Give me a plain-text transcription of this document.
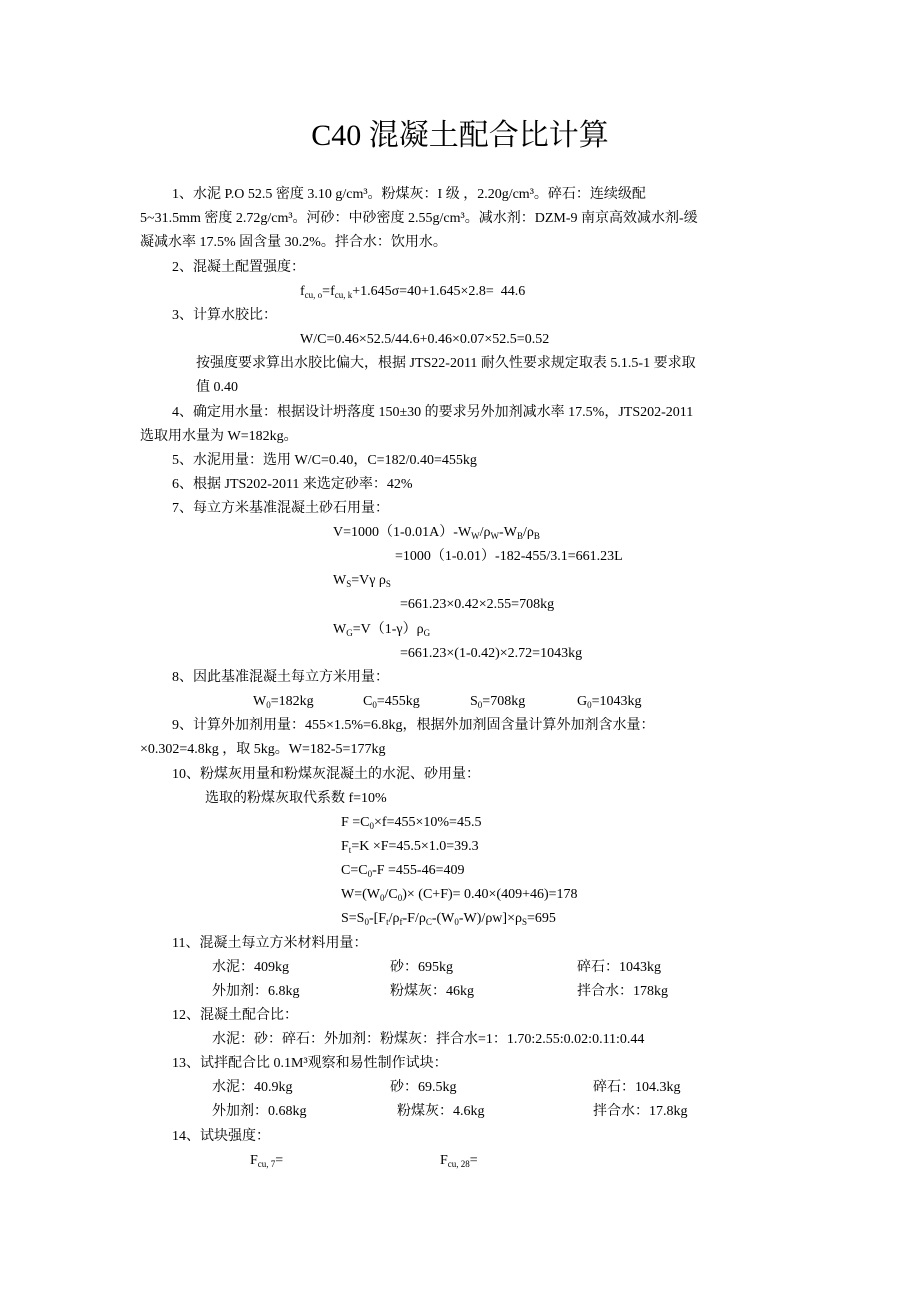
C40 混凝土配合比计算
1、水泥 P.O 52.5 密度 3.10 g/cm³。粉煤灰：I 级 ，2.20g/cm³。碎石：连续级配
5~31.5mm 密度 2.72g/cm³。河砂：中砂密度 2.55g/cm³。减水剂：DZM-9 南京高效减水剂-缓
凝减水率 17.5% 固含量 30.2%。拌合水：饮用水。
2、混凝土配置强度：
$f_{cu, o}=f_{cu, k}+1.645\sigma=40+1.645\times 2.8= 44.6$
3、计算水胶比：
W/C=0.46×52.5/44.6+0.46×0.07×52.5=0.52
按强度要求算出水胶比偏大，根据 JTS22-2011 耐久性要求规定取表 5.1.5-1 要求取
值 0.40
4、确定用水量：根据设计坍落度 150±30 的要求另外加剂减水率 17.5%，JTS202-2011
选取用水量为 W=182kg。
5、水泥用量：选用 W/C=0.40，C=182/0.40=455kg
6、根据 JTS202-2011 来选定砂率：42%
7、每立方米基准混凝土砂石用量：
$V=1000(1-0.01A)-W_W/\rho_W-W_B/\rho_B$
=1000（1-0.01）-182-455/3.1=661.23L
$W_S=V\gamma$ $\rho_S$
=661.23×0.42×2.55=708kg
$W_G=V(1-\gamma)\rho_G$
=661.23×(1-0.42)×2.72=1043kg
8、因此基准混凝土每立方米用量：
$W_0=182kg$	$C_0=455kg$	$S_0=708kg$	$G_0=1043kg$
9、计算外加剂用量：455×1.5%=6.8kg，根据外加剂固含量计算外加剂含水量：
×0.302=4.8kg ，取 5kg。W=182-5=177kg
10、粉煤灰用量和粉煤灰混凝土的水泥、砂用量：
选取的粉煤灰取代系数 f=10%
$F =C_0\times f=455\times 10\%=45.5$
$F_t=K \times F=45.5\times 1.0=39.3$
$C=C_0-F =455-46=409$
$W=(W_0/C_0)\times (C+F)= 0.40\times(409+46)=178$
$S=S_0-[F_t/\rho_f-F/\rho_C-(W_0-W)/\rho w]\times\rho_S=695$
11、混凝土每立方米材料用量：
水泥：409kg	砂：695kg	碎石：1043kg
外加剂：6.8kg	粉煤灰：46kg	拌合水：178kg
12、混凝土配合比：
水泥：砂：碎石：外加剂：粉煤灰：拌合水=1：1.70:2.55:0.02:0.11:0.44
13、试拌配合比 0.1M³观察和易性制作试块：
水泥：40.9kg	砂：69.5kg	碎石：104.3kg
外加剂：0.68kg	粉煤灰：4.6kg	拌合水：17.8kg
14、试块强度：
$F_{cu, 7}=$	$F_{cu, 28}=$
